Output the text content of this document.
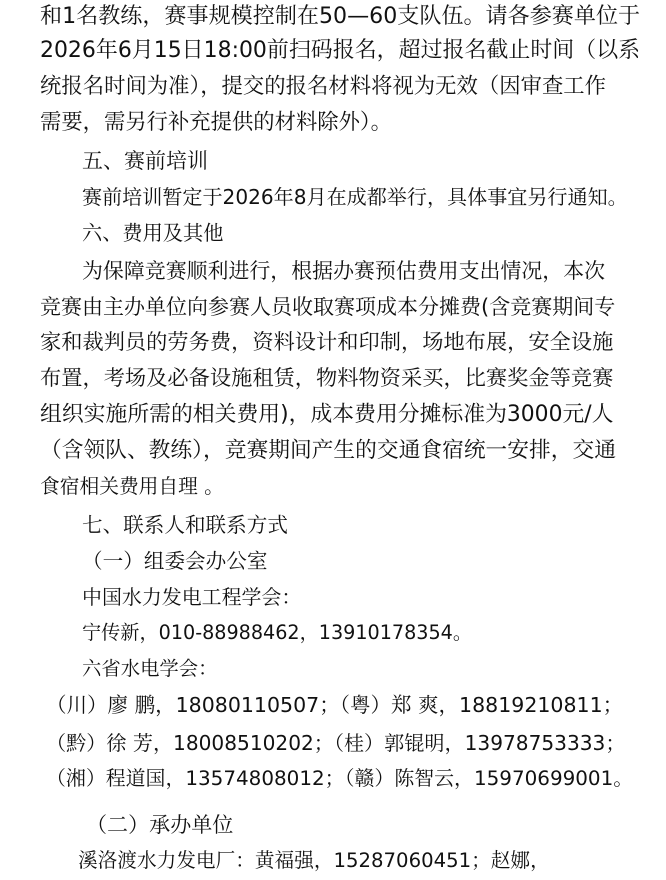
和1名教练，赛事规模控制在50—60支队伍。请各参赛单位于
2026年6月15日18:00前扫码报名，超过报名截止时间（以系
统报名时间为准），提交的报名材料将视为无效（因审查工作
需要，需另行补充提供的材料除外）。
五、赛前培训
赛前培训暂定于2026年8月在成都举行，具体事宜另行通知。
六、费用及其他
为保障竞赛顺利进行，根据办赛预估费用支出情况，本次
竞赛由主办单位向参赛人员收取赛项成本分摊费(含竞赛期间专
家和裁判员的劳务费，资料设计和印制，场地布展，安全设施
布置，考场及必备设施租赁，物料物资采买，比赛奖金等竞赛
组织实施所需的相关费用)，成本费用分摊标准为3000元/人
（含领队、教练），竞赛期间产生的交通食宿统一安排，交通
食宿相关费用自理 。
七、联系人和联系方式
（一）组委会办公室
中国水力发电工程学会：
宁传新，010-88988462，13910178354。
六省水电学会：
（川）廖 鹏，18080110507；（粤）郑 爽，18819210811；
（黔）徐 芳，18008510202；（桂）郭锟明，13978753333；
（湘）程道国，13574808012；（赣）陈智云，15970699001。
（二）承办单位
溪洛渡水力发电厂：黄福强，15287060451；赵娜，
